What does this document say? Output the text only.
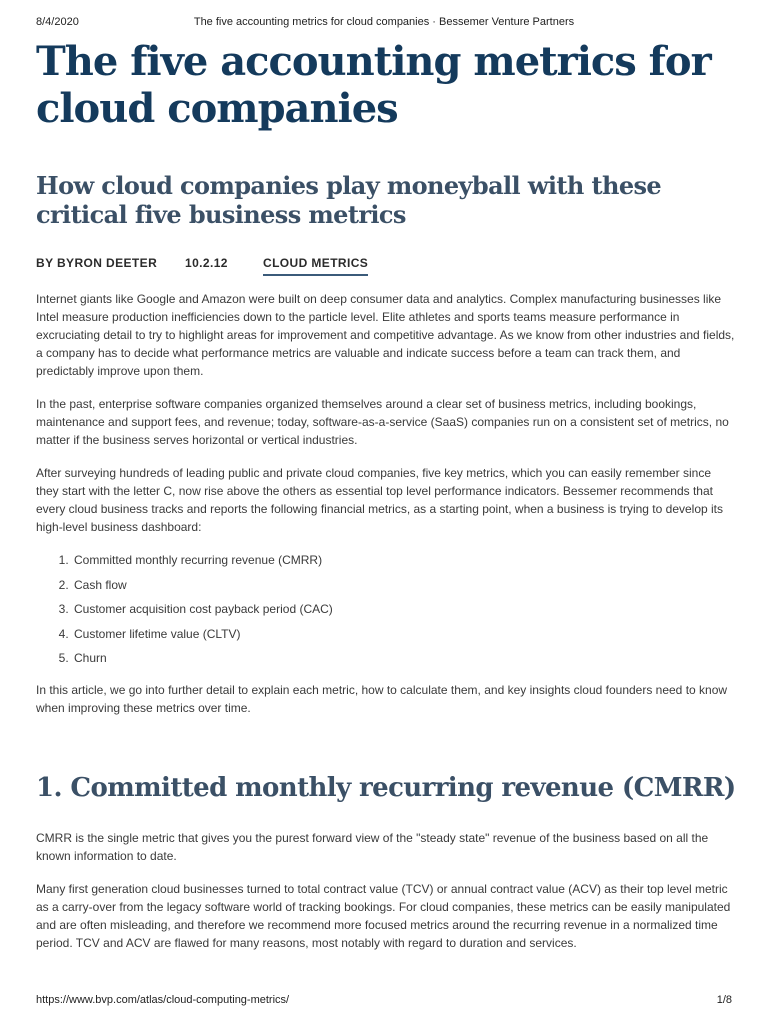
8/4/2020	The five accounting metrics for cloud companies · Bessemer Venture Partners
The five accounting metrics for cloud companies
How cloud companies play moneyball with these critical five business metrics
BY BYRON DEETER 10.2.12	CLOUD METRICS

Internet giants like Google and Amazon were built on deep consumer data and analytics. Complex manufacturing businesses like Intel measure production inefficiencies down to the particle level. Elite athletes and sports teams measure performance in excruciating detail to try to highlight areas for improvement and competitive advantage. As we know from other industries and fields, a company has to decide what performance metrics are valuable and indicate success before a team can track them, and predictably improve upon them.

In the past, enterprise software companies organized themselves around a clear set of business metrics, including bookings, maintenance and support fees, and revenue; today, software-as-a-service (SaaS) companies run on a consistent set of metrics, no matter if the business serves horizontal or vertical industries.

After surveying hundreds of leading public and private cloud companies, five key metrics, which you can easily remember since they start with the letter C, now rise above the others as essential top level performance indicators. Bessemer recommends that every cloud business tracks and reports the following financial metrics, as a starting point, when a business is trying to develop its high-level business dashboard:

1. Committed monthly recurring revenue (CMRR)
2. Cash flow
3. Customer acquisition cost payback period (CAC)
4. Customer lifetime value (CLTV)
5. Churn

In this article, we go into further detail to explain each metric, how to calculate them, and key insights cloud founders need to know when improving these metrics over time.

1. Committed monthly recurring revenue (CMRR)

CMRR is the single metric that gives you the purest forward view of the "steady state" revenue of the business based on all the known information to date.

Many first generation cloud businesses turned to total contract value (TCV) or annual contract value (ACV) as their top level metric as a carry-over from the legacy software world of tracking bookings. For cloud companies, these metrics can be easily manipulated and are often misleading, and therefore we recommend more focused metrics around the recurring revenue in a normalized time period. TCV and ACV are flawed for many reasons, most notably with regard to duration and services.

https://www.bvp.com/atlas/cloud-computing-metrics/	1/8
